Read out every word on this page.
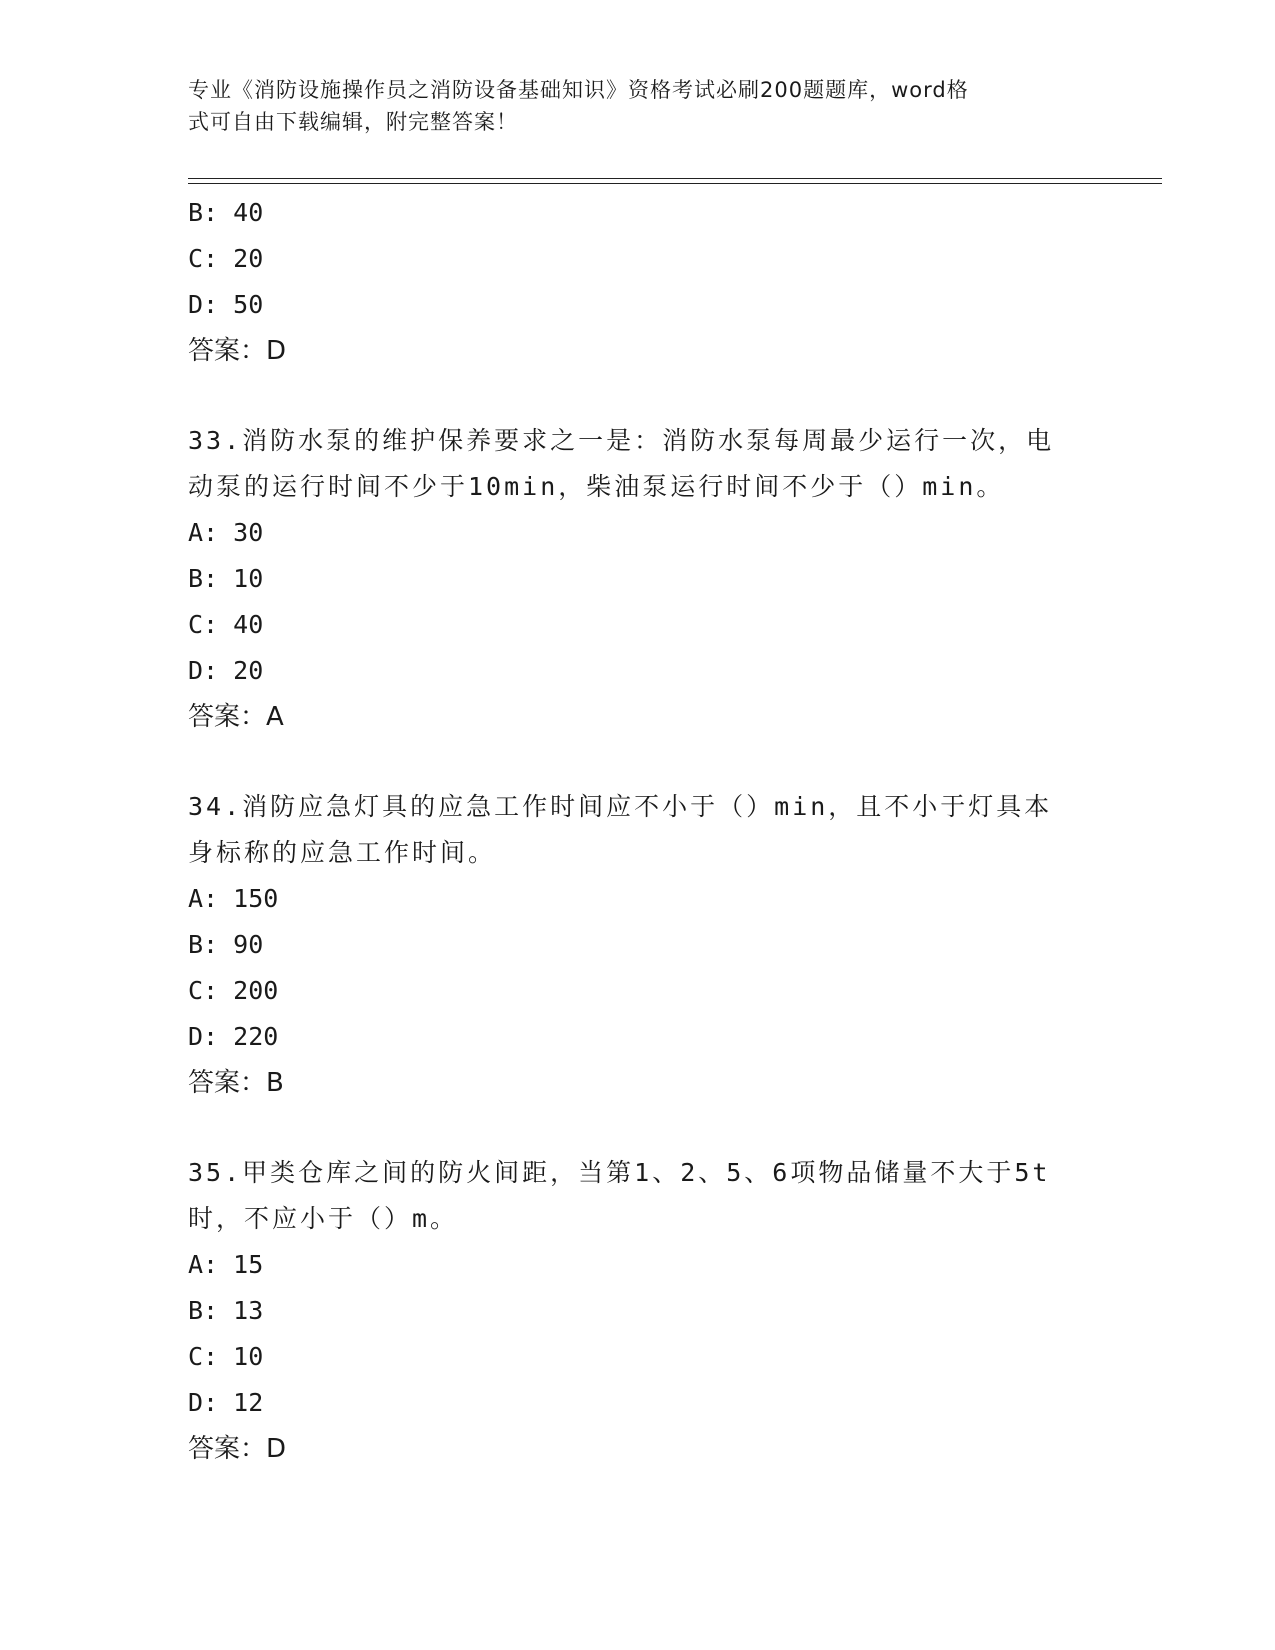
专业《消防设施操作员之消防设备基础知识》资格考试必刷200题题库，word格
式可自由下载编辑，附完整答案！
B: 40
C: 20
D: 50
答案：D
33.消防水泵的维护保养要求之一是：消防水泵每周最少运行一次，电
动泵的运行时间不少于10min，柴油泵运行时间不少于（）min。
A: 30
B: 10
C: 40
D: 20
答案：A
34.消防应急灯具的应急工作时间应不小于（）min，且不小于灯具本
身标称的应急工作时间。
A: 150
B: 90
C: 200
D: 220
答案：B
35.甲类仓库之间的防火间距，当第1、2、5、6项物品储量不大于5t
时，不应小于（）m。
A: 15
B: 13
C: 10
D: 12
答案：D
